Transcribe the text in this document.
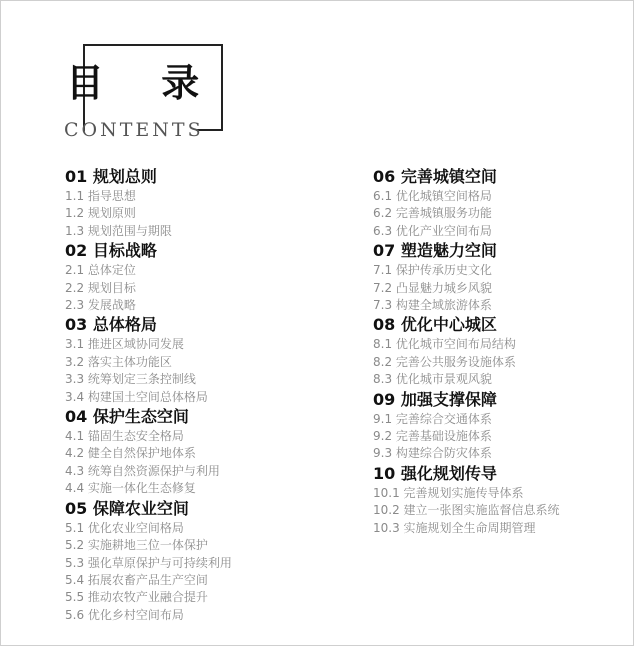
目 录
CONTENTS
01 规划总则
1.1 指导思想
1.2 规划原则
1.3 规划范围与期限
02 目标战略
2.1 总体定位
2.2 规划目标
2.3 发展战略
03 总体格局
3.1 推进区域协同发展
3.2 落实主体功能区
3.3 统筹划定三条控制线
3.4 构建国土空间总体格局
04 保护生态空间
4.1 锚固生态安全格局
4.2 健全自然保护地体系
4.3 统筹自然资源保护与利用
4.4 实施一体化生态修复
05 保障农业空间
5.1 优化农业空间格局
5.2 实施耕地三位一体保护
5.3 强化草原保护与可持续利用
5.4 拓展农畜产品生产空间
5.5 推动农牧产业融合提升
5.6 优化乡村空间布局
06 完善城镇空间
6.1 优化城镇空间格局
6.2 完善城镇服务功能
6.3 优化产业空间布局
07 塑造魅力空间
7.1 保护传承历史文化
7.2 凸显魅力城乡风貌
7.3 构建全域旅游体系
08 优化中心城区
8.1 优化城市空间布局结构
8.2 完善公共服务设施体系
8.3 优化城市景观风貌
09 加强支撑保障
9.1 完善综合交通体系
9.2 完善基础设施体系
9.3 构建综合防灾体系
10 强化规划传导
10.1 完善规划实施传导体系
10.2 建立一张图实施监督信息系统
10.3 实施规划全生命周期管理
